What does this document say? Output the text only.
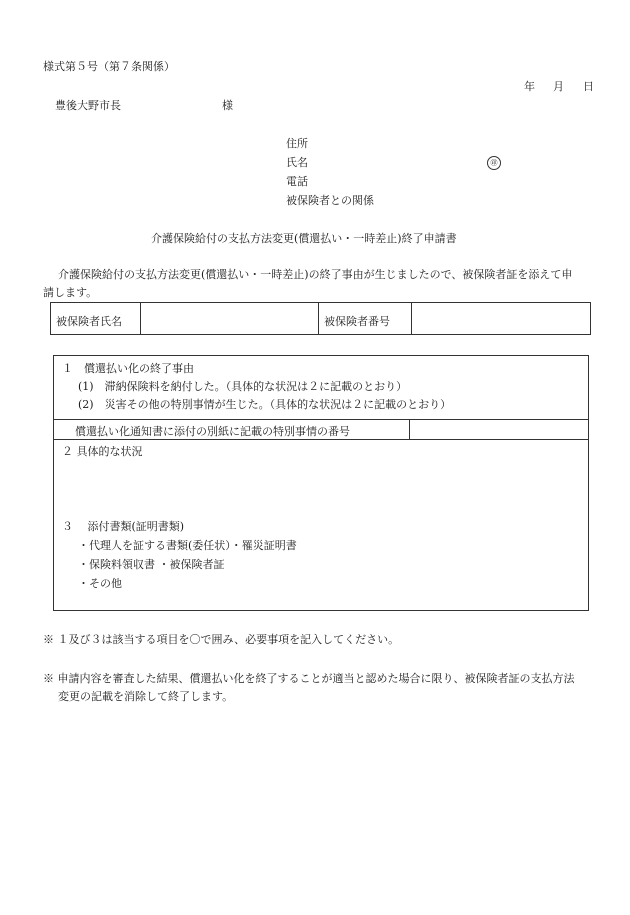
様式第５号（第７条関係）
年 月 日
豊後大野市長	様
住所
氏名	㊞
電話
被保険者との関係
介護保険給付の支払方法変更(償還払い・一時差止)終了申請書
介護保険給付の支払方法変更(償還払い・一時差止)の終了事由が生じましたので、被保険者証を添えて申
請します。
被保険者氏名	被保険者番号
１　償還払い化の終了事由
(1)　滞納保険料を納付した。（具体的な状況は２に記載のとおり）
(2)　災害その他の特別事情が生じた。（具体的な状況は２に記載のとおり）
償還払い化通知書に添付の別紙に記載の特別事情の番号
２ 具体的な状況
３　 添付書類(証明書類)
・代理人を証する書類(委任状）・罹災証明書
・保険料領収書 ・被保険者証
・その他
※ １及び３は該当する項目を〇で囲み、必要事項を記入してください。
※ 申請内容を審査した結果、償還払い化を終了することが適当と認めた場合に限り、被保険者証の支払方法
変更の記載を消除して終了します。
